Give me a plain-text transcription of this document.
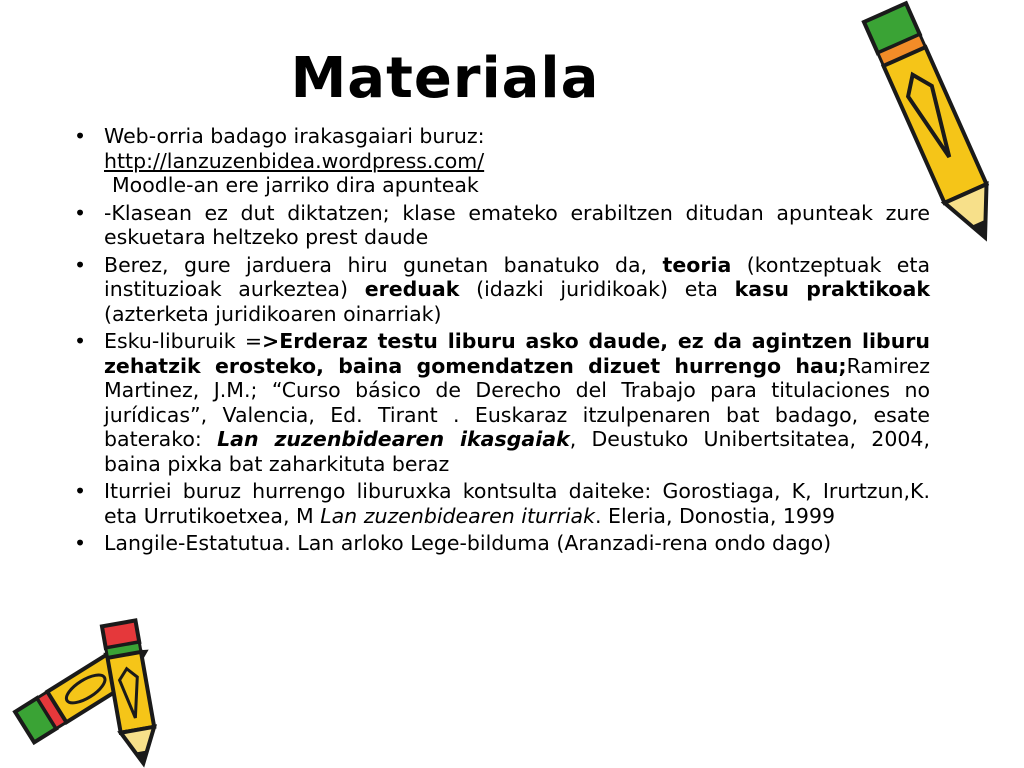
Materiala
• Web-orria badago irakasgaiari buruz:
http://lanzuzenbidea.wordpress.com/

Moodle-an ere jarriko dira apunteak
• -Klasean ez dut diktatzen; klase emateko erabiltzen ditudan apunteak zure eskuetara heltzeko prest daude
• Berez, gure jarduera hiru gunetan banatuko da, teoria (kontzeptuak eta instituzioak aurkeztea) ereduak (idazki juridikoak) eta kasu praktikoak (azterketa juridikoaren oinarriak)
• Esku-liburuik =>Erderaz testu liburu asko daude, ez da agintzen liburu zehatzik erosteko, baina gomendatzen dizuet hurrengo hau;Ramirez Martinez, J.M.; “Curso básico de Derecho del Trabajo para titulaciones no jurídicas”, Valencia, Ed. Tirant . Euskaraz itzulpenaren bat badago, esate baterako: Lan zuzenbidearen ikasgaiak, Deustuko Unibertsitatea, 2004, baina pixka bat zaharkituta beraz
• Iturriei buruz hurrengo liburuxka kontsulta daiteke: Gorostiaga, K, Irurtzun,K. eta Urrutikoetxea, M Lan zuzenbidearen iturriak. Eleria, Donostia, 1999
• Langile-Estatutua. Lan arloko Lege-bilduma (Aranzadi-rena ondo dago)
